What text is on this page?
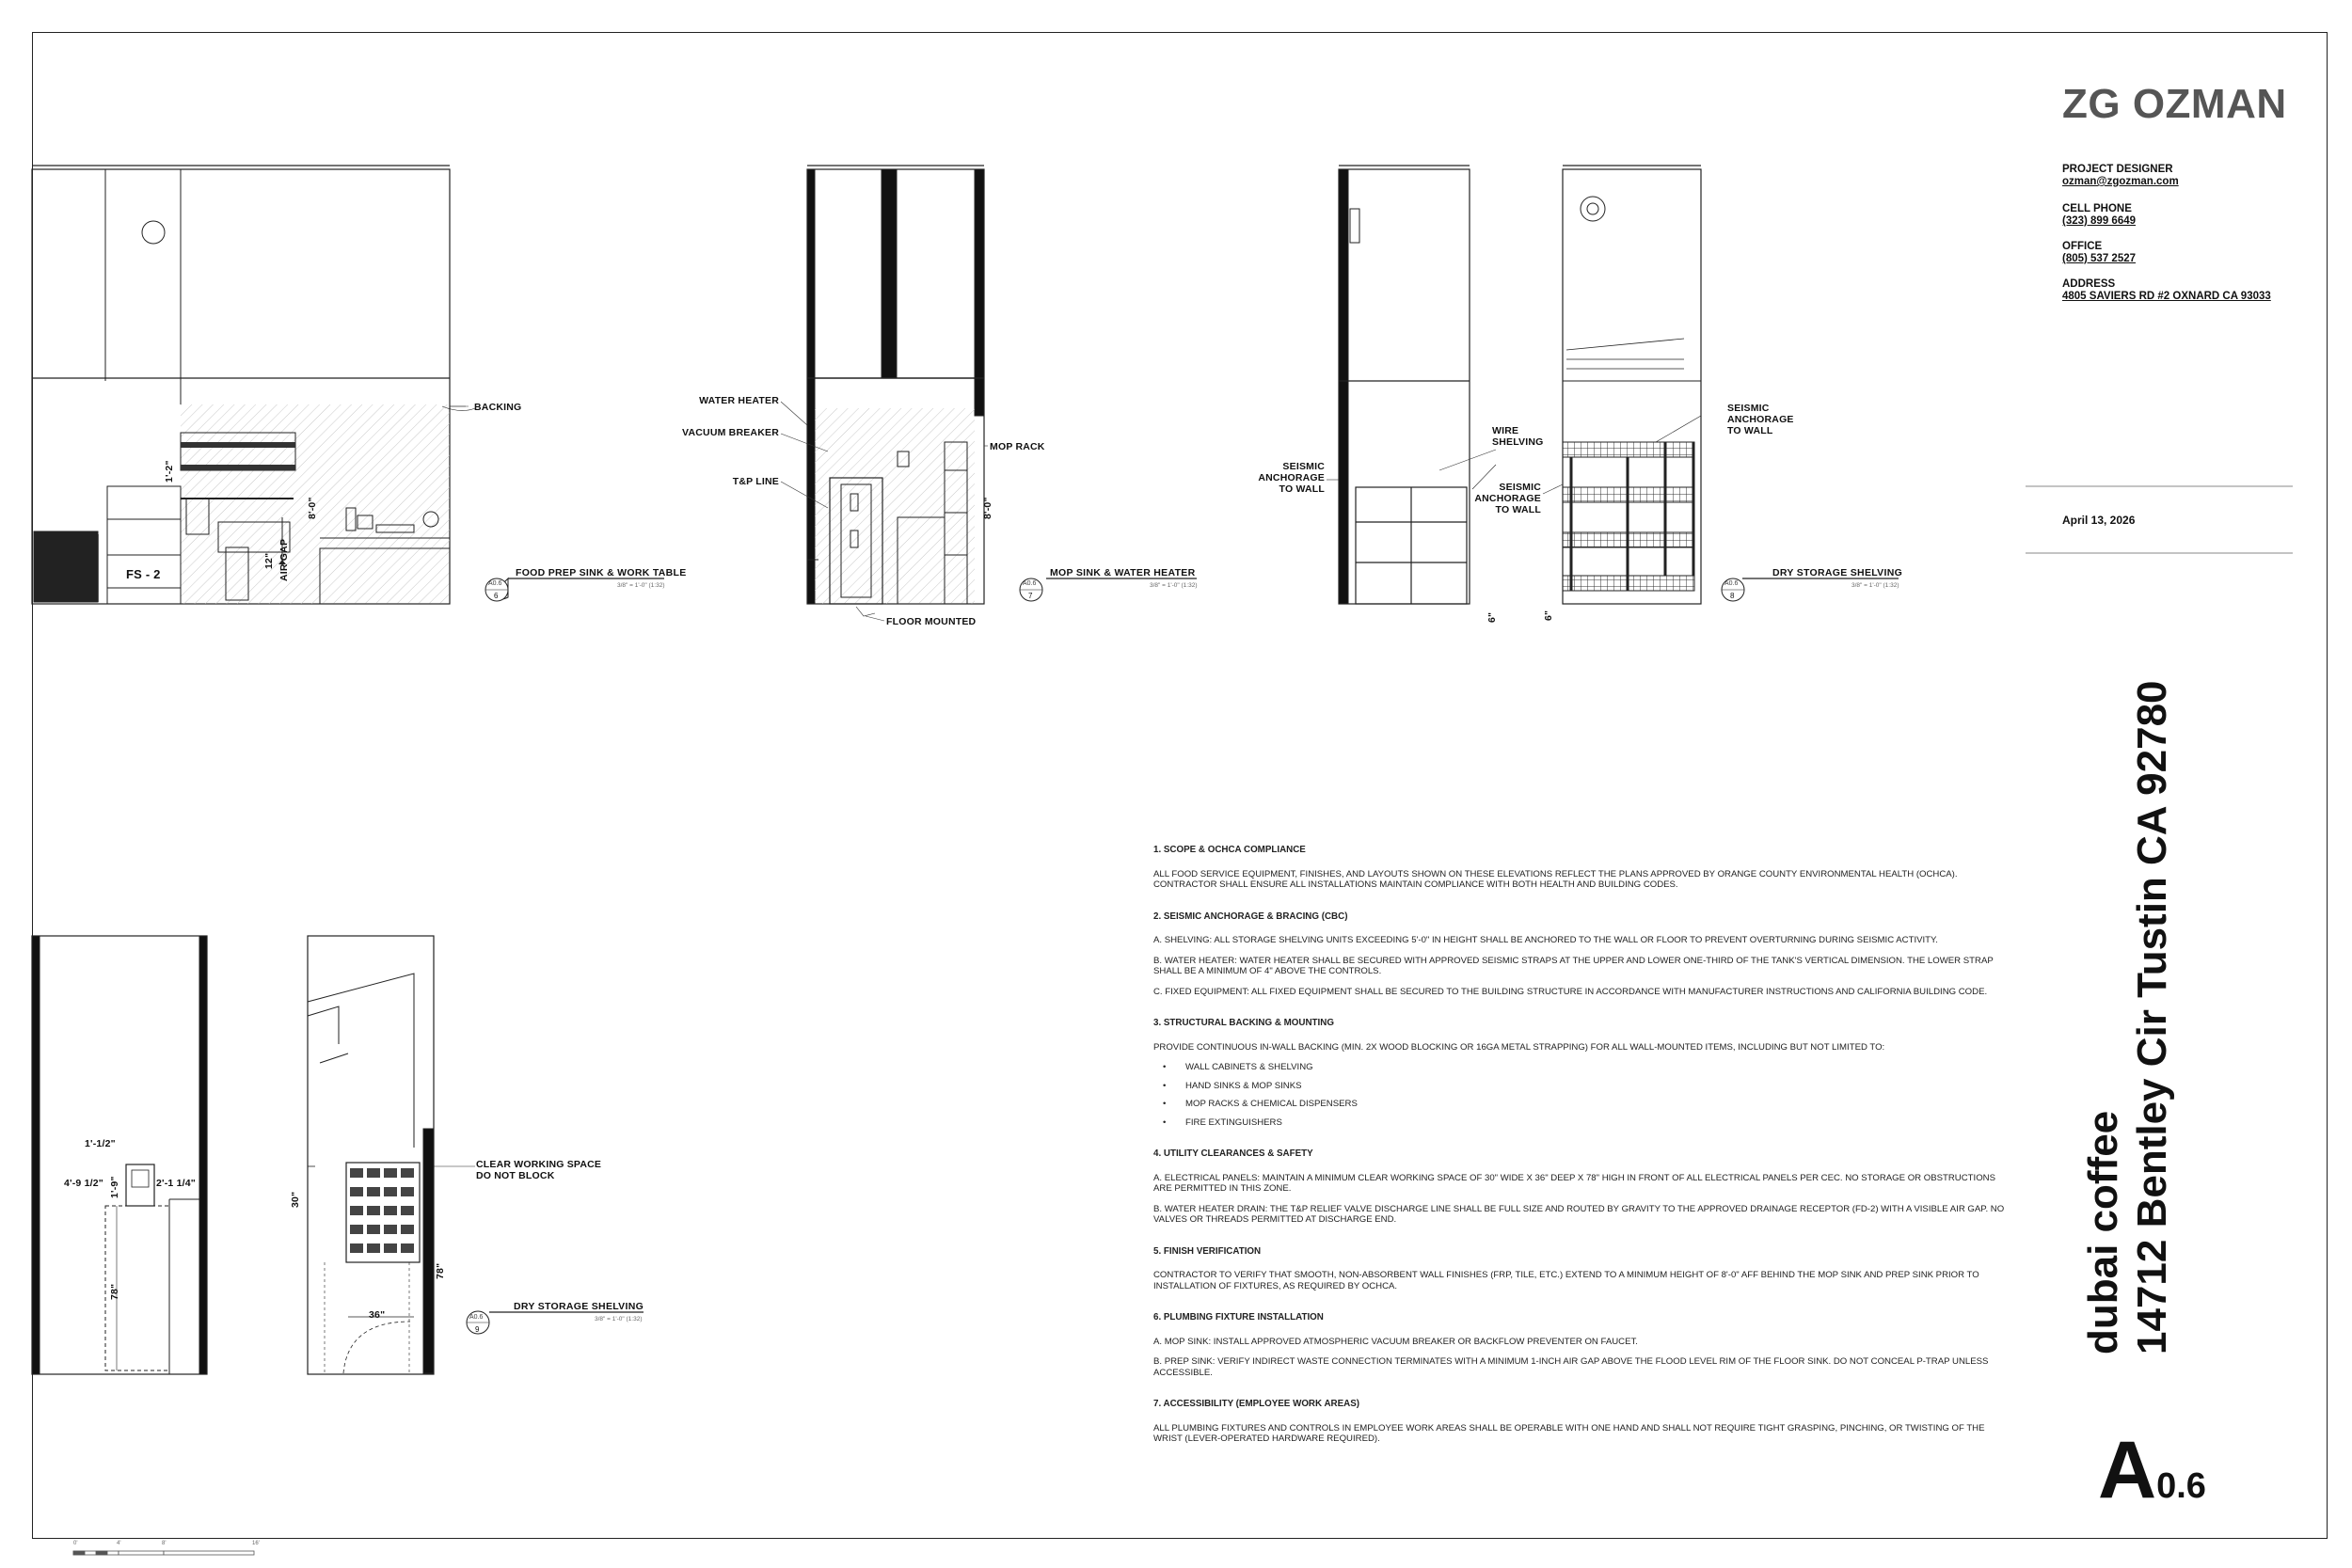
BACKING
FS - 2
1'-2"
12" AIR GAP
8'-0"
WATER HEATER
VACUUM BREAKER
T&P LINE
MOP RACK
8'-0"
FLOOR MOUNTED
SEISMIC
ANCHORAGE
TO WALL
WIRE
SHELVING
SEISMIC
ANCHORAGE
TO WALL
SEISMIC
ANCHORAGE
TO WALL
6"	6"
1'-1/2"
4'-9 1/2"	2'-1 1/4"
1'-9"
78"
CLEAR WORKING SPACE
DO NOT BLOCK
30"
78"
36"
FOOD PREP SINK & WORK TABLE
3/8" = 1'-0" (1:32)
A0.6
6
MOP SINK & WATER HEATER
3/8" = 1'-0" (1:32)
A0.6
7
DRY STORAGE SHELVING
3/8" = 1'-0" (1:32)
A0.6
8
DRY STORAGE SHELVING
3/8" = 1'-0" (1:32)
A0.6
9
ZG OZMAN
PROJECT DESIGNER
ozman@zgozman.com
CELL PHONE
(323) 899 6649
OFFICE
(805) 537 2527
ADDRESS
4805 SAVIERS RD #2 OXNARD CA 93033
April 13, 2026
dubai coffee 14712 Bentley Cir Tustin CA 92780
A0.6
1. SCOPE & OCHCA COMPLIANCE

ALL FOOD SERVICE EQUIPMENT, FINISHES, AND LAYOUTS SHOWN ON THESE ELEVATIONS REFLECT THE PLANS APPROVED BY ORANGE COUNTY ENVIRONMENTAL HEALTH (OCHCA). CONTRACTOR SHALL ENSURE ALL INSTALLATIONS MAINTAIN COMPLIANCE WITH BOTH HEALTH AND BUILDING CODES.

2. SEISMIC ANCHORAGE & BRACING (CBC)

A. SHELVING: ALL STORAGE SHELVING UNITS EXCEEDING 5'-0" IN HEIGHT SHALL BE ANCHORED TO THE WALL OR FLOOR TO PREVENT OVERTURNING DURING SEISMIC ACTIVITY.

B. WATER HEATER: WATER HEATER SHALL BE SECURED WITH APPROVED SEISMIC STRAPS AT THE UPPER AND LOWER ONE-THIRD OF THE TANK'S VERTICAL DIMENSION. THE LOWER STRAP SHALL BE A MINIMUM OF 4" ABOVE THE CONTROLS.

C. FIXED EQUIPMENT: ALL FIXED EQUIPMENT SHALL BE SECURED TO THE BUILDING STRUCTURE IN ACCORDANCE WITH MANUFACTURER INSTRUCTIONS AND CALIFORNIA BUILDING CODE.

3. STRUCTURAL BACKING & MOUNTING

PROVIDE CONTINUOUS IN-WALL BACKING (MIN. 2X WOOD BLOCKING OR 16GA METAL STRAPPING) FOR ALL WALL-MOUNTED ITEMS, INCLUDING BUT NOT LIMITED TO:

• WALL CABINETS & SHELVING
• HAND SINKS & MOP SINKS
• MOP RACKS & CHEMICAL DISPENSERS
• FIRE EXTINGUISHERS
4. UTILITY CLEARANCES & SAFETY

A. ELECTRICAL PANELS: MAINTAIN A MINIMUM CLEAR WORKING SPACE OF 30" WIDE X 36" DEEP X 78" HIGH IN FRONT OF ALL ELECTRICAL PANELS PER CEC. NO STORAGE OR OBSTRUCTIONS ARE PERMITTED IN THIS ZONE.

B. WATER HEATER DRAIN: THE T&P RELIEF VALVE DISCHARGE LINE SHALL BE FULL SIZE AND ROUTED BY GRAVITY TO THE APPROVED DRAINAGE RECEPTOR (FD-2) WITH A VISIBLE AIR GAP. NO VALVES OR THREADS PERMITTED AT DISCHARGE END.

5. FINISH VERIFICATION

CONTRACTOR TO VERIFY THAT SMOOTH, NON-ABSORBENT WALL FINISHES (FRP, TILE, ETC.) EXTEND TO A MINIMUM HEIGHT OF 8'-0" AFF BEHIND THE MOP SINK AND PREP SINK PRIOR TO INSTALLATION OF FIXTURES, AS REQUIRED BY OCHCA.

6. PLUMBING FIXTURE INSTALLATION

A. MOP SINK: INSTALL APPROVED ATMOSPHERIC VACUUM BREAKER OR BACKFLOW PREVENTER ON FAUCET.

B. PREP SINK: VERIFY INDIRECT WASTE CONNECTION TERMINATES WITH A MINIMUM 1-INCH AIR GAP ABOVE THE FLOOD LEVEL RIM OF THE FLOOR SINK. DO NOT CONCEAL P-TRAP UNLESS ACCESSIBLE.

7. ACCESSIBILITY (EMPLOYEE WORK AREAS)

ALL PLUMBING FIXTURES AND CONTROLS IN EMPLOYEE WORK AREAS SHALL BE OPERABLE WITH ONE HAND AND SHALL NOT REQUIRE TIGHT GRASPING, PINCHING, OR TWISTING OF THE WRIST (LEVER-OPERATED HARDWARE REQUIRED).

0'	4'	8'	16'
